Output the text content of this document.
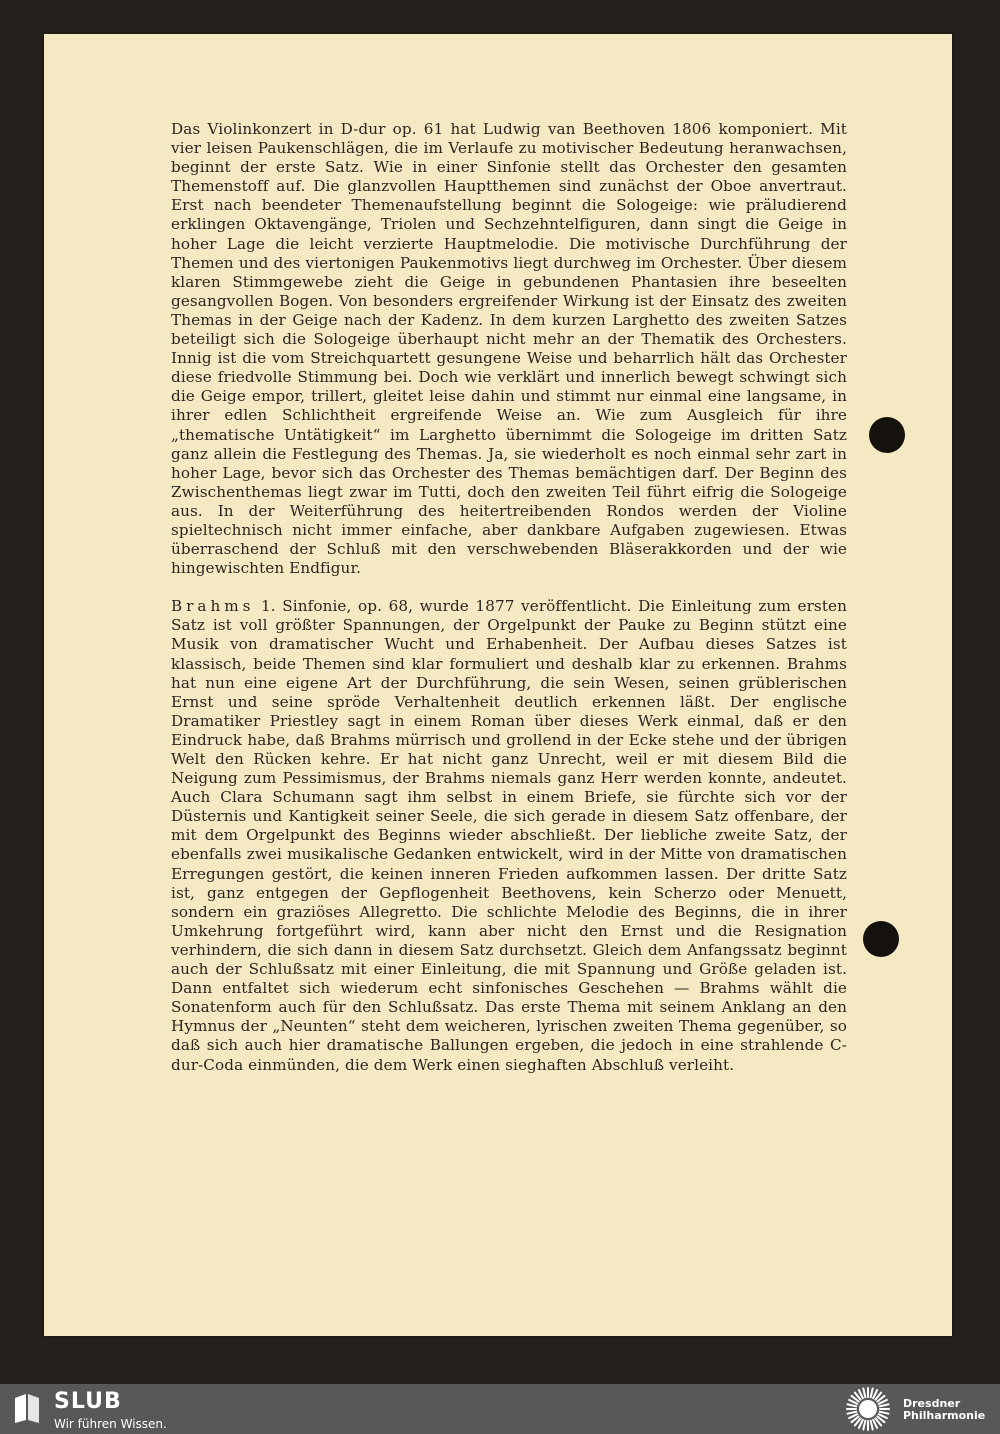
Das Violinkonzert in D-dur op. 61 hat Ludwig van Beethoven 1806 komponiert. Mit vier leisen Paukenschlägen, die im Verlaufe zu motivischer Bedeutung heranwachsen, beginnt der erste Satz. Wie in einer Sinfonie stellt das Orchester den gesamten Themenstoff auf. Die glanzvollen Hauptthemen sind zunächst der Oboe anvertraut. Erst nach beendeter Themenaufstellung beginnt die Sologeige: wie präludierend erklingen Oktavengänge, Triolen und Sechzehntelfiguren, dann singt die Geige in hoher Lage die leicht verzierte Hauptmelodie. Die motivische Durchführung der Themen und des viertonigen Paukenmotivs liegt durchweg im Orchester. Über diesem klaren Stimmgewebe zieht die Geige in gebundenen Phantasien ihre beseelten gesangvollen Bogen. Von besonders ergreifender Wirkung ist der Einsatz des zweiten Themas in der Geige nach der Kadenz. In dem kurzen Larghetto des zweiten Satzes beteiligt sich die Sologeige überhaupt nicht mehr an der Thematik des Orchesters. Innig ist die vom Streichquartett gesungene Weise und beharrlich hält das Orchester diese friedvolle Stimmung bei. Doch wie verklärt und innerlich bewegt schwingt sich die Geige empor, trillert, gleitet leise dahin und stimmt nur einmal eine langsame, in ihrer edlen Schlichtheit ergreifende Weise an. Wie zum Ausgleich für ihre „thematische Untätigkeit“ im Larghetto übernimmt die Sologeige im dritten Satz ganz allein die Festlegung des Themas. Ja, sie wiederholt es noch einmal sehr zart in hoher Lage, bevor sich das Orchester des Themas bemächtigen darf. Der Beginn des Zwischenthemas liegt zwar im Tutti, doch den zweiten Teil führt eifrig die Sologeige aus. In der Weiterführung des heitertreibenden Rondos werden der Violine spieltechnisch nicht immer einfache, aber dankbare Aufgaben zugewiesen. Etwas überraschend der Schluß mit den verschwebenden Bläserakkorden und der wie hingewischten Endfigur.

Brahms 1. Sinfonie, op. 68, wurde 1877 veröffentlicht. Die Einleitung zum ersten Satz ist voll größter Spannungen, der Orgelpunkt der Pauke zu Beginn stützt eine Musik von dramatischer Wucht und Erhabenheit. Der Aufbau dieses Satzes ist klassisch, beide Themen sind klar formuliert und deshalb klar zu erkennen. Brahms hat nun eine eigene Art der Durchführung, die sein Wesen, seinen grüblerischen Ernst und seine spröde Verhaltenheit deutlich erkennen läßt. Der englische Dramatiker Priestley sagt in einem Roman über dieses Werk einmal, daß er den Eindruck habe, daß Brahms mürrisch und grollend in der Ecke stehe und der übrigen Welt den Rücken kehre. Er hat nicht ganz Unrecht, weil er mit diesem Bild die Neigung zum Pessimismus, der Brahms niemals ganz Herr werden konnte, andeutet. Auch Clara Schumann sagt ihm selbst in einem Briefe, sie fürchte sich vor der Düsternis und Kantigkeit seiner Seele, die sich gerade in diesem Satz offenbare, der mit dem Orgelpunkt des Beginns wieder abschließt. Der liebliche zweite Satz, der ebenfalls zwei musikalische Gedanken entwickelt, wird in der Mitte von dramatischen Erregungen gestört, die keinen inneren Frieden aufkommen lassen. Der dritte Satz ist, ganz entgegen der Gepflogenheit Beethovens, kein Scherzo oder Menuett, sondern ein graziöses Allegretto. Die schlichte Melodie des Beginns, die in ihrer Umkehrung fortgeführt wird, kann aber nicht den Ernst und die Resignation verhindern, die sich dann in diesem Satz durchsetzt. Gleich dem Anfangssatz beginnt auch der Schlußsatz mit einer Einleitung, die mit Spannung und Größe geladen ist. Dann entfaltet sich wiederum echt sinfonisches Geschehen — Brahms wählt die Sonatenform auch für den Schlußsatz. Das erste Thema mit seinem Anklang an den Hymnus der „Neunten“ steht dem weicheren, lyrischen zweiten Thema gegenüber, so daß sich auch hier dramatische Ballungen ergeben, die jedoch in eine strahlende C-dur-Coda einmünden, die dem Werk einen sieghaften Abschluß verleiht.

SLUB
Wir führen Wissen.
Dresdner
Philharmonie
